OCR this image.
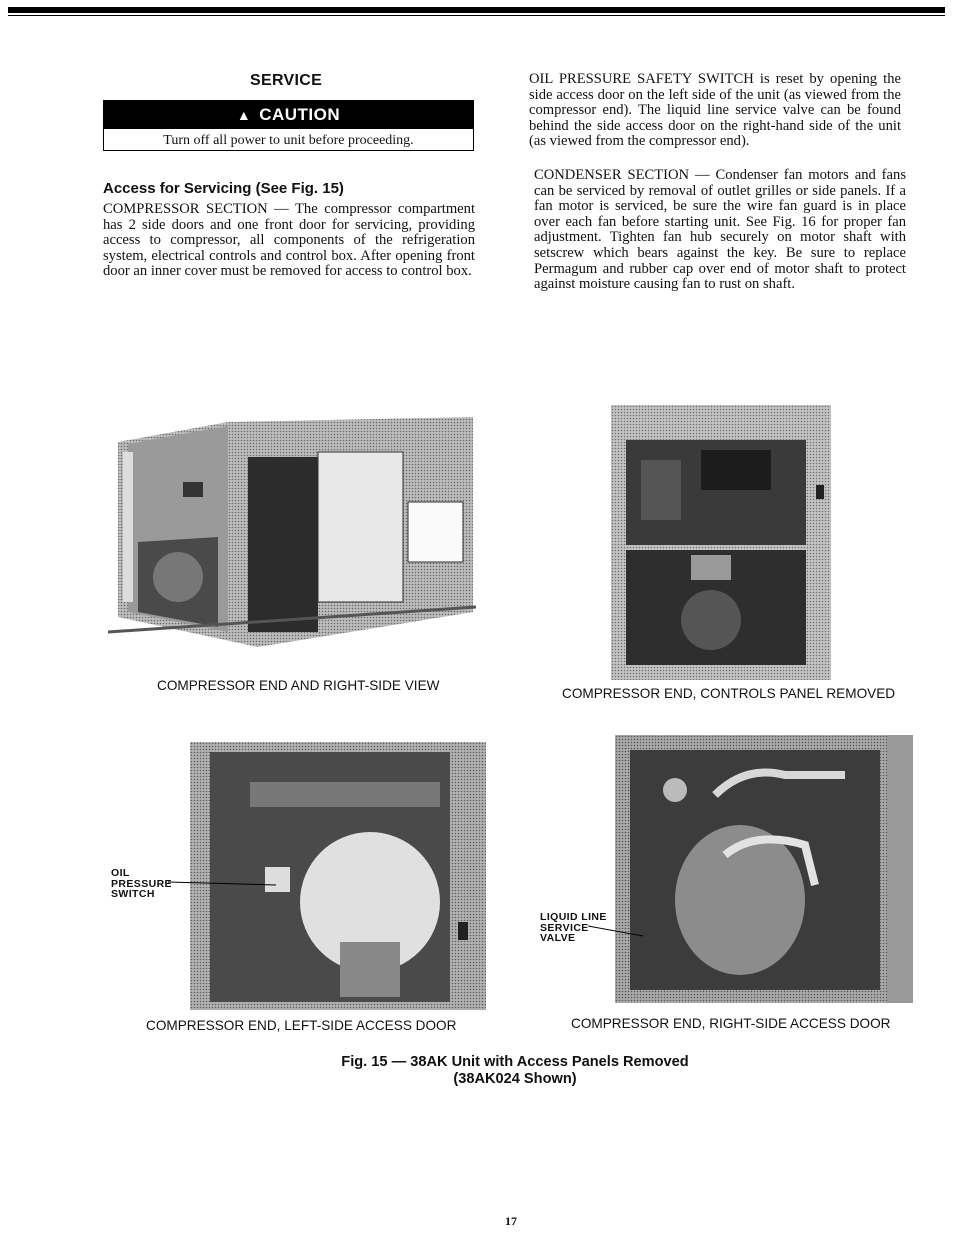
SERVICE
▲ CAUTION
Turn off all power to unit before proceeding.
Access for Servicing (See Fig. 15)
COMPRESSOR SECTION — The compressor compartment has 2 side doors and one front door for servicing, providing access to compressor, all components of the refrigeration system, electrical controls and control box. After opening front door an inner cover must be removed for access to control box.
OIL PRESSURE SAFETY SWITCH is reset by opening the side access door on the left side of the unit (as viewed from the compressor end). The liquid line service valve can be found behind the side access door on the right-hand side of the unit (as viewed from the compressor end).
CONDENSER SECTION — Condenser fan motors and fans can be serviced by removal of outlet grilles or side panels. If a fan motor is serviced, be sure the wire fan guard is in place over each fan before starting unit. See Fig. 16 for proper fan adjustment. Tighten fan hub securely on motor shaft with setscrew which bears against the key. Be sure to replace Permagum and rubber cap over end of motor shaft to protect against moisture causing fan to rust on shaft.
COMPRESSOR END AND RIGHT-SIDE VIEW
COMPRESSOR END, CONTROLS PANEL REMOVED
OIL
PRESSURE
SWITCH
COMPRESSOR END, LEFT-SIDE ACCESS DOOR
LIQUID LINE
SERVICE
VALVE
COMPRESSOR END, RIGHT-SIDE ACCESS DOOR
Fig. 15 — 38AK Unit with Access Panels Removed
(38AK024 Shown)
17
